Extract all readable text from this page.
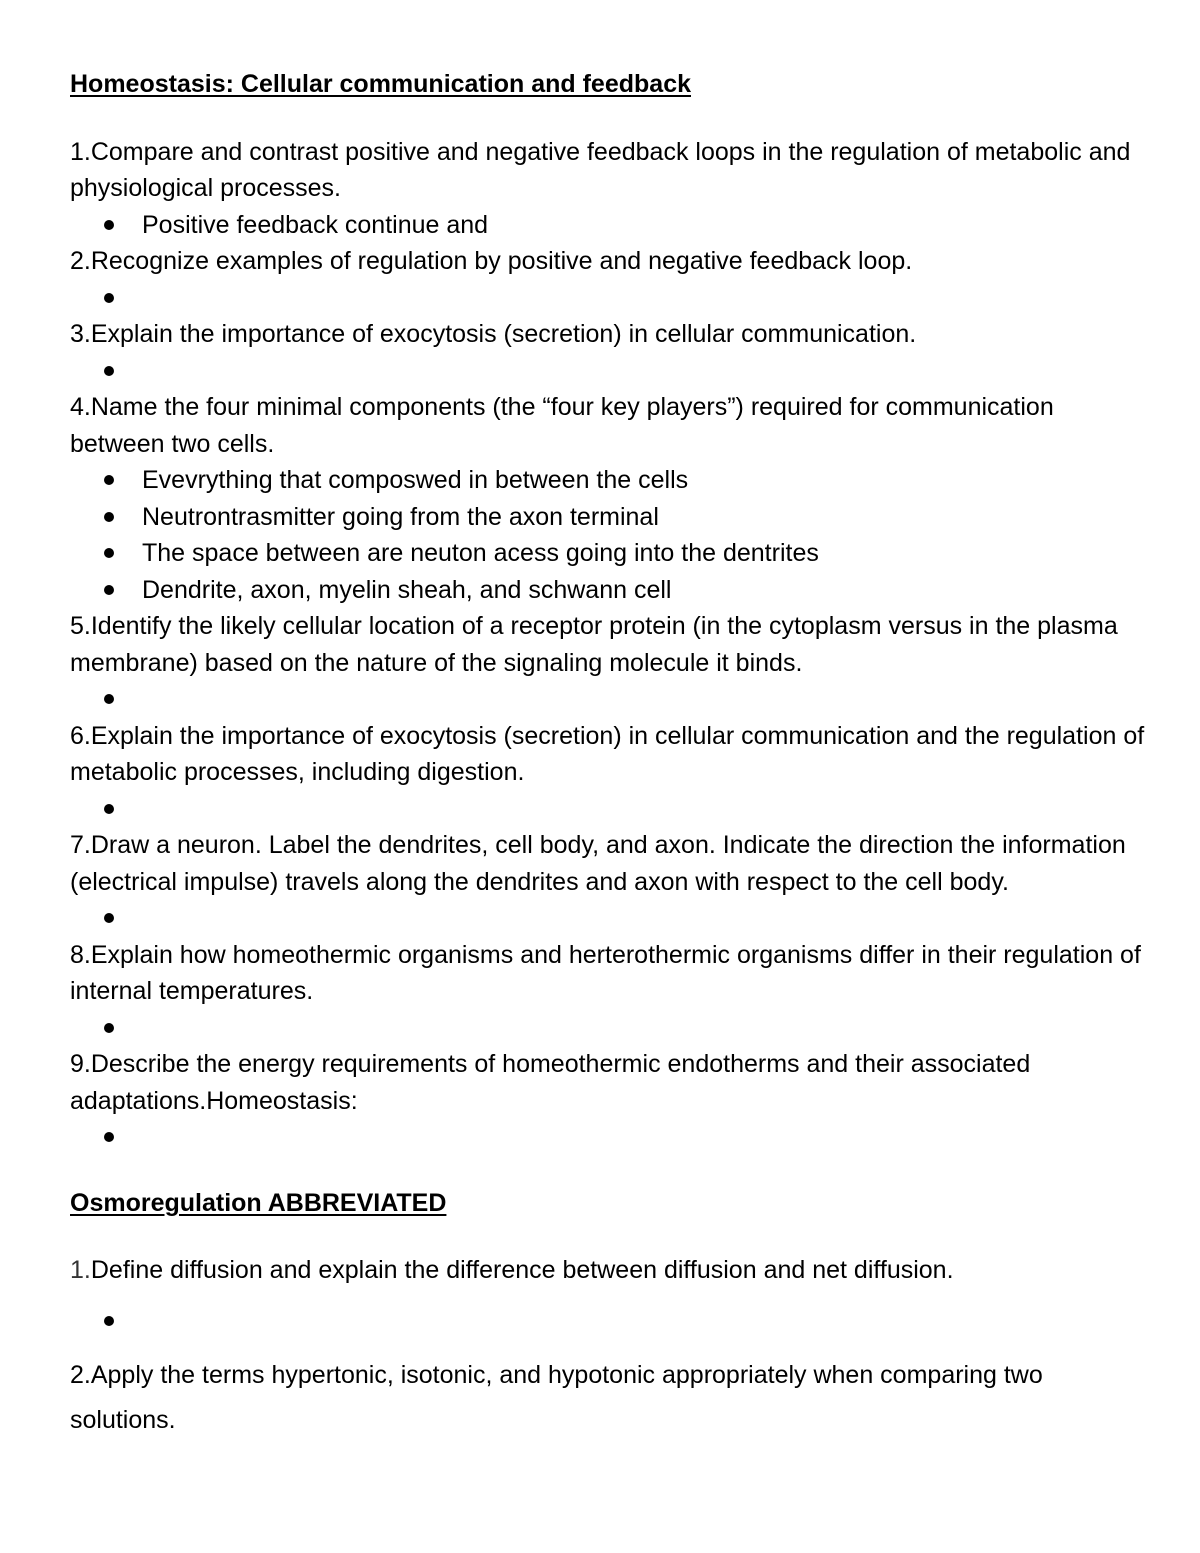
Homeostasis: Cellular communication and feedback

1.Compare and contrast positive and negative feedback loops in the regulation of metabolic and physiological processes.

Positive feedback continue and

2.Recognize examples of regulation by positive and negative feedback loop.

3.Explain the importance of exocytosis (secretion) in cellular communication.

4.Name the four minimal components (the “four key players”) required for communication between two cells.

Evevrything that composwed in between the cells
Neutrontrasmitter going from the axon terminal
The space between are neuton acess going into the dentrites
Dendrite, axon, myelin sheah, and schwann cell

5.Identify the likely cellular location of a receptor protein (in the cytoplasm versus in the plasma membrane) based on the nature of the signaling molecule it binds.

6.Explain the importance of exocytosis (secretion) in cellular communication and the regulation of metabolic processes, including digestion.

7.Draw a neuron. Label the dendrites, cell body, and axon. Indicate the direction the information (electrical impulse) travels along the dendrites and axon with respect to the cell body.

8.Explain how homeothermic organisms and herterothermic organisms differ in their regulation of internal temperatures.

9.Describe the energy requirements of homeothermic endotherms and their associated adaptations.Homeostasis:

Osmoregulation ABBREVIATED

1.Define diffusion and explain the difference between diffusion and net diffusion.

2.Apply the terms hypertonic, isotonic, and hypotonic appropriately when comparing two solutions.
